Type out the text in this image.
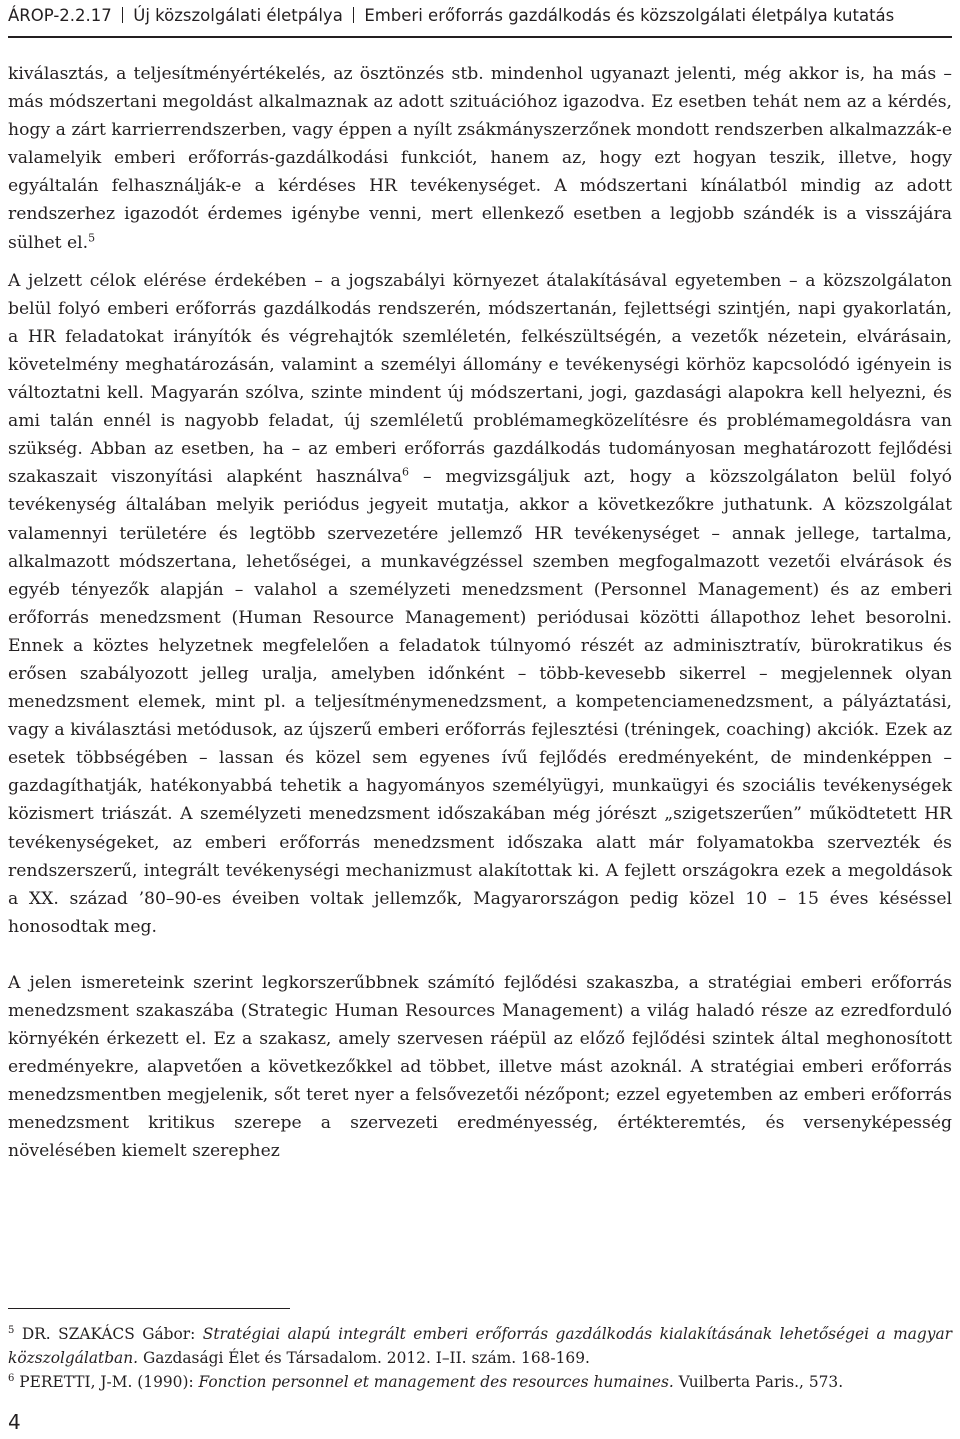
ÁROP-2.2.17 Új közszolgálati életpálya Emberi erőforrás gazdálkodás és közszolgálati életpálya kutatás

kiválasztás, a teljesítményértékelés, az ösztönzés stb. mindenhol ugyanazt jelenti, még akkor is, ha más – más módszertani megoldást alkalmaznak az adott szituációhoz igazodva. Ez esetben tehát nem az a kérdés, hogy a zárt karrierrendszerben, vagy éppen a nyílt zsákmányszerzőnek mondott rendszerben alkalmazzák-e valamelyik emberi erőforrás-gazdálkodási funkciót, hanem az, hogy ezt hogyan teszik, illetve, hogy egyáltalán felhasználják-e a kérdéses HR tevékenységet. A módszertani kínálatból mindig az adott rendszerhez igazodót érdemes igénybe venni, mert ellenkező esetben a legjobb szándék is a visszájára sülhet el.$^5$

A jelzett célok elérése érdekében – a jogszabályi környezet átalakításával egyetemben – a közszolgálaton belül folyó emberi erőforrás gazdálkodás rendszerén, módszertanán, fejlettségi szintjén, napi gyakorlatán, a HR feladatokat irányítók és végrehajtók szemléletén, felkészültségén, a vezetők nézetein, elvárásain, követelmény meghatározásán, valamint a személyi állomány e tevékenységi körhöz kapcsolódó igényein is változtatni kell. Magyarán szólva, szinte mindent új módszertani, jogi, gazdasági alapokra kell helyezni, és ami talán ennél is nagyobb feladat, új szemléletű problémamegközelítésre és problémamegoldásra van szükség. Abban az esetben, ha – az emberi erőforrás gazdálkodás tudományosan meghatározott fejlődési szakaszait viszonyítási alapként használva$^6$ – megvizsgáljuk azt, hogy a közszolgálaton belül folyó tevékenység általában melyik periódus jegyeit mutatja, akkor a következőkre juthatunk. A közszolgálat valamennyi területére és legtöbb szervezetére jellemző HR tevékenységet – annak jellege, tartalma, alkalmazott módszertana, lehetőségei, a munkavégzéssel szemben megfogalmazott vezetői elvárások és egyéb tényezők alapján – valahol a személyzeti menedzsment (Personnel Management) és az emberi erőforrás menedzsment (Human Resource Management) periódusai közötti állapothoz lehet besorolni. Ennek a köztes helyzetnek megfelelően a feladatok túlnyomó részét az adminisztratív, bürokratikus és erősen szabályozott jelleg uralja, amelyben időnként – több-kevesebb sikerrel – megjelennek olyan menedzsment elemek, mint pl. a teljesítménymenedzsment, a kompetenciamenedzsment, a pályáztatási, vagy a kiválasztási metódusok, az újszerű emberi erőforrás fejlesztési (tréningek, coaching) akciók. Ezek az esetek többségében – lassan és közel sem egyenes ívű fejlődés eredményeként, de mindenképpen – gazdagíthatják, hatékonyabbá tehetik a hagyományos személyügyi, munkaügyi és szociális tevékenységek közismert triászát. A személyzeti menedzsment időszakában még jórészt „szigetszerűen” működtetett HR tevékenységeket, az emberi erőforrás menedzsment időszaka alatt már folyamatokba szervezték és rendszerszerű, integrált tevékenységi mechanizmust alakítottak ki. A fejlett országokra ezek a megoldások a XX. század ’80–90-es éveiben voltak jellemzők, Magyarországon pedig közel 10 – 15 éves késéssel honosodtak meg.

A jelen ismereteink szerint legkorszerűbbnek számító fejlődési szakaszba, a stratégiai emberi erőforrás menedzsment szakaszába (Strategic Human Resources Management) a világ haladó része az ezredforduló környékén érkezett el. Ez a szakasz, amely szervesen ráépül az előző fejlődési szintek által meghonosított eredményekre, alapvetően a következőkkel ad többet, illetve mást azoknál. A stratégiai emberi erőforrás menedzsmentben megjelenik, sőt teret nyer a felsővezetői nézőpont; ezzel egyetemben az emberi erőforrás menedzsment kritikus szerepe a szervezeti eredményesség, értékteremtés, és versenyképesség növelésében kiemelt szerephez

$^5$ DR. SZAKÁCS Gábor: Stratégiai alapú integrált emberi erőforrás gazdálkodás kialakításának lehetőségei a magyar közszolgálatban. Gazdasági Élet és Társadalom. 2012. I–II. szám. 168-169.

$^6$ PERETTI, J-M. (1990): Fonction personnel et management des resources humaines. Vuilberta Paris., 573.

4
